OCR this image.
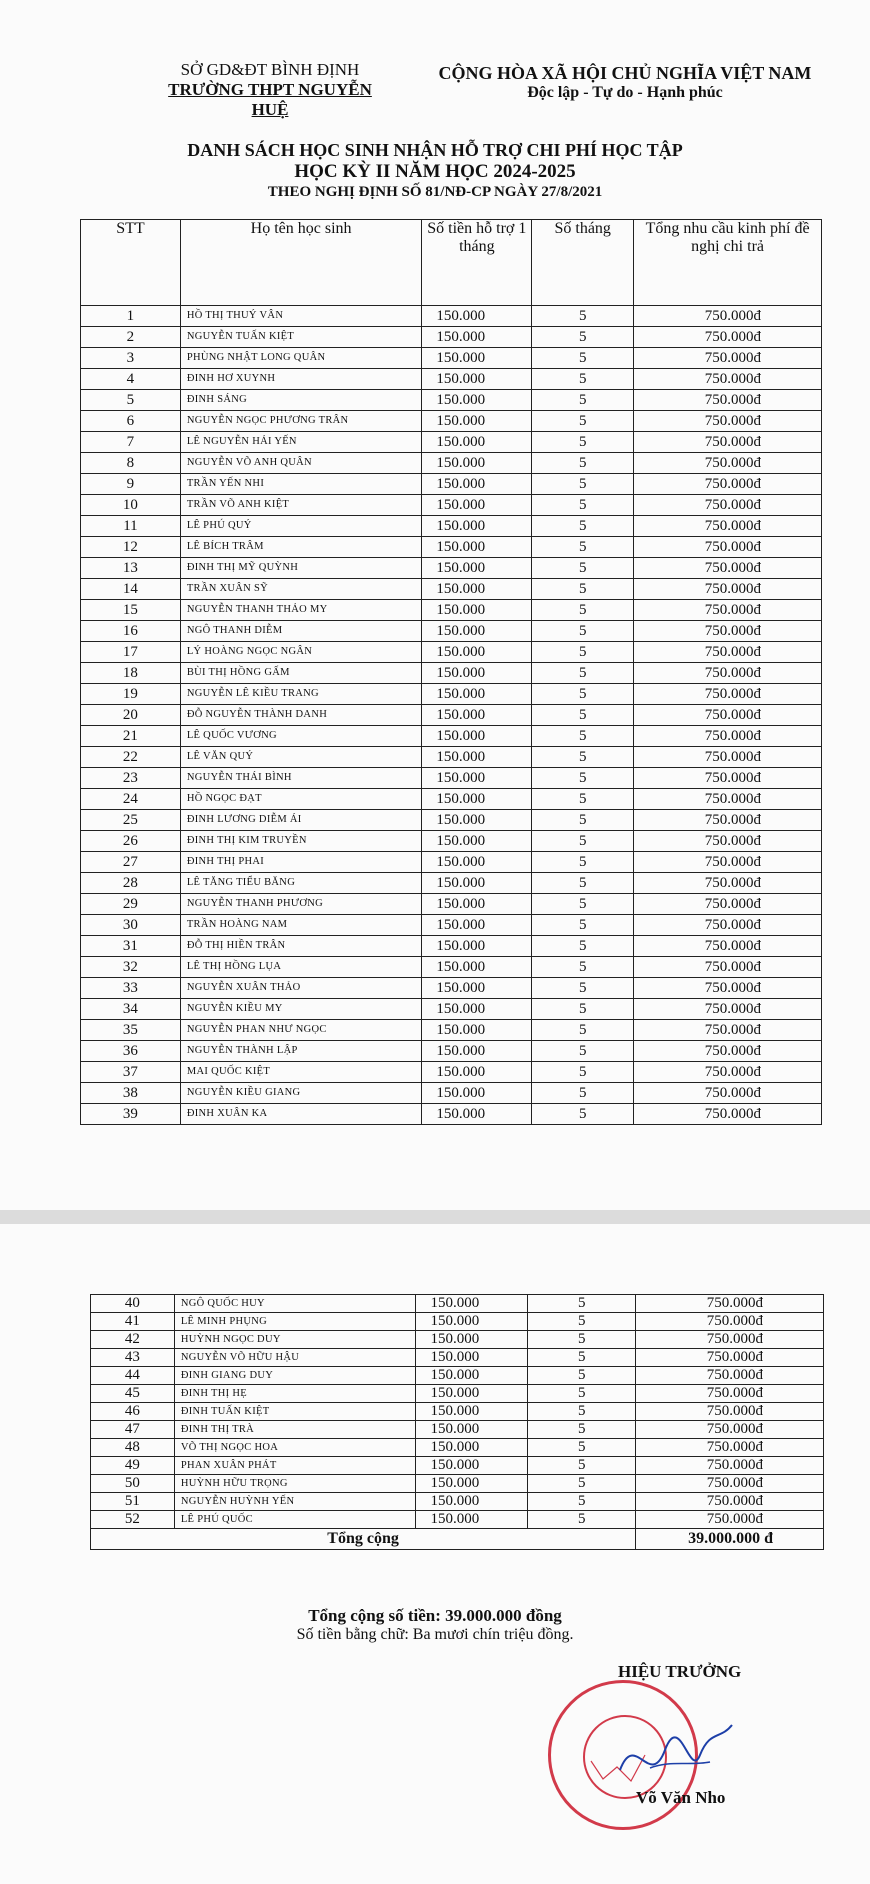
SỞ GD&ĐT BÌNH ĐỊNH
TRƯỜNG THPT NGUYỄN HUỆ
CỘNG HÒA XÃ HỘI CHỦ NGHĨA VIỆT NAM
Độc lập - Tự do - Hạnh phúc
DANH SÁCH HỌC SINH NHẬN HỖ TRỢ CHI PHÍ HỌC TẬP
HỌC KỲ II NĂM HỌC 2024-2025
THEO NGHỊ ĐỊNH SỐ 81/NĐ-CP NGÀY 27/8/2021
STT	Họ tên học sinh	Số tiền hỗ trợ 1 tháng	Số tháng	Tổng nhu cầu kinh phí đề nghị chi trả
1	HỒ THỊ THUÝ VÂN	150.000	5	750.000đ
2	NGUYỄN TUẤN KIỆT	150.000	5	750.000đ
3	PHÙNG NHẬT LONG QUÂN	150.000	5	750.000đ
4	ĐINH HƠ XUYNH	150.000	5	750.000đ
5	ĐINH SÁNG	150.000	5	750.000đ
6	NGUYỄN NGỌC PHƯƠNG TRÂN	150.000	5	750.000đ
7	LÊ NGUYỄN HẢI YẾN	150.000	5	750.000đ
8	NGUYỄN VÕ ANH QUÂN	150.000	5	750.000đ
9	TRẦN YẾN NHI	150.000	5	750.000đ
10	TRẦN VÕ ANH KIỆT	150.000	5	750.000đ
11	LÊ PHÚ QUÝ	150.000	5	750.000đ
12	LÊ BÍCH TRÂM	150.000	5	750.000đ
13	ĐINH THỊ MỸ QUỲNH	150.000	5	750.000đ
14	TRẦN XUÂN SỸ	150.000	5	750.000đ
15	NGUYỄN THANH THẢO MY	150.000	5	750.000đ
16	NGÔ THANH DIỄM	150.000	5	750.000đ
17	LÝ HOÀNG NGỌC NGÂN	150.000	5	750.000đ
18	BÙI THỊ HỒNG GẤM	150.000	5	750.000đ
19	NGUYỄN LÊ KIỀU TRANG	150.000	5	750.000đ
20	ĐỖ NGUYỄN THÀNH DANH	150.000	5	750.000đ
21	LÊ QUỐC VƯƠNG	150.000	5	750.000đ
22	LÊ VĂN QUÝ	150.000	5	750.000đ
23	NGUYỄN THÁI BÌNH	150.000	5	750.000đ
24	HỒ NGỌC ĐẠT	150.000	5	750.000đ
25	ĐINH LƯƠNG DIỄM ÁI	150.000	5	750.000đ
26	ĐINH THỊ KIM TRUYỀN	150.000	5	750.000đ
27	ĐINH THỊ PHAI	150.000	5	750.000đ
28	LÊ TĂNG TIỂU BĂNG	150.000	5	750.000đ
29	NGUYỄN THANH PHƯƠNG	150.000	5	750.000đ
30	TRẦN HOÀNG NAM	150.000	5	750.000đ
31	ĐỖ THỊ HIỀN TRÂN	150.000	5	750.000đ
32	LÊ THỊ HỒNG LỤA	150.000	5	750.000đ
33	NGUYỄN XUÂN THẢO	150.000	5	750.000đ
34	NGUYỄN KIỀU MY	150.000	5	750.000đ
35	NGUYỄN PHAN NHƯ NGỌC	150.000	5	750.000đ
36	NGUYỄN THÀNH LẬP	150.000	5	750.000đ
37	MAI QUỐC KIỆT	150.000	5	750.000đ
38	NGUYỄN KIỀU GIANG	150.000	5	750.000đ
39	ĐINH XUÂN KA	150.000	5	750.000đ
40	NGÔ QUỐC HUY	150.000	5	750.000đ
41	LÊ MINH PHỤNG	150.000	5	750.000đ
42	HUỲNH NGỌC DUY	150.000	5	750.000đ
43	NGUYỄN VÕ HỮU HẬU	150.000	5	750.000đ
44	ĐINH GIANG DUY	150.000	5	750.000đ
45	ĐINH THỊ HẸ	150.000	5	750.000đ
46	ĐINH TUẤN KIỆT	150.000	5	750.000đ
47	ĐINH THỊ TRÀ	150.000	5	750.000đ
48	VÕ THỊ NGỌC HOA	150.000	5	750.000đ
49	PHAN XUÂN PHÁT	150.000	5	750.000đ
50	HUỲNH HỮU TRỌNG	150.000	5	750.000đ
51	NGUYỄN HUỲNH YẾN	150.000	5	750.000đ
52	LÊ PHÚ QUỐC	150.000	5	750.000đ
Tổng cộng				39.000.000 đ
Tổng cộng số tiền: 39.000.000 đồng
Số tiền bằng chữ: Ba mươi chín triệu đồng.
HIỆU TRƯỞNG
Võ Văn Nho
